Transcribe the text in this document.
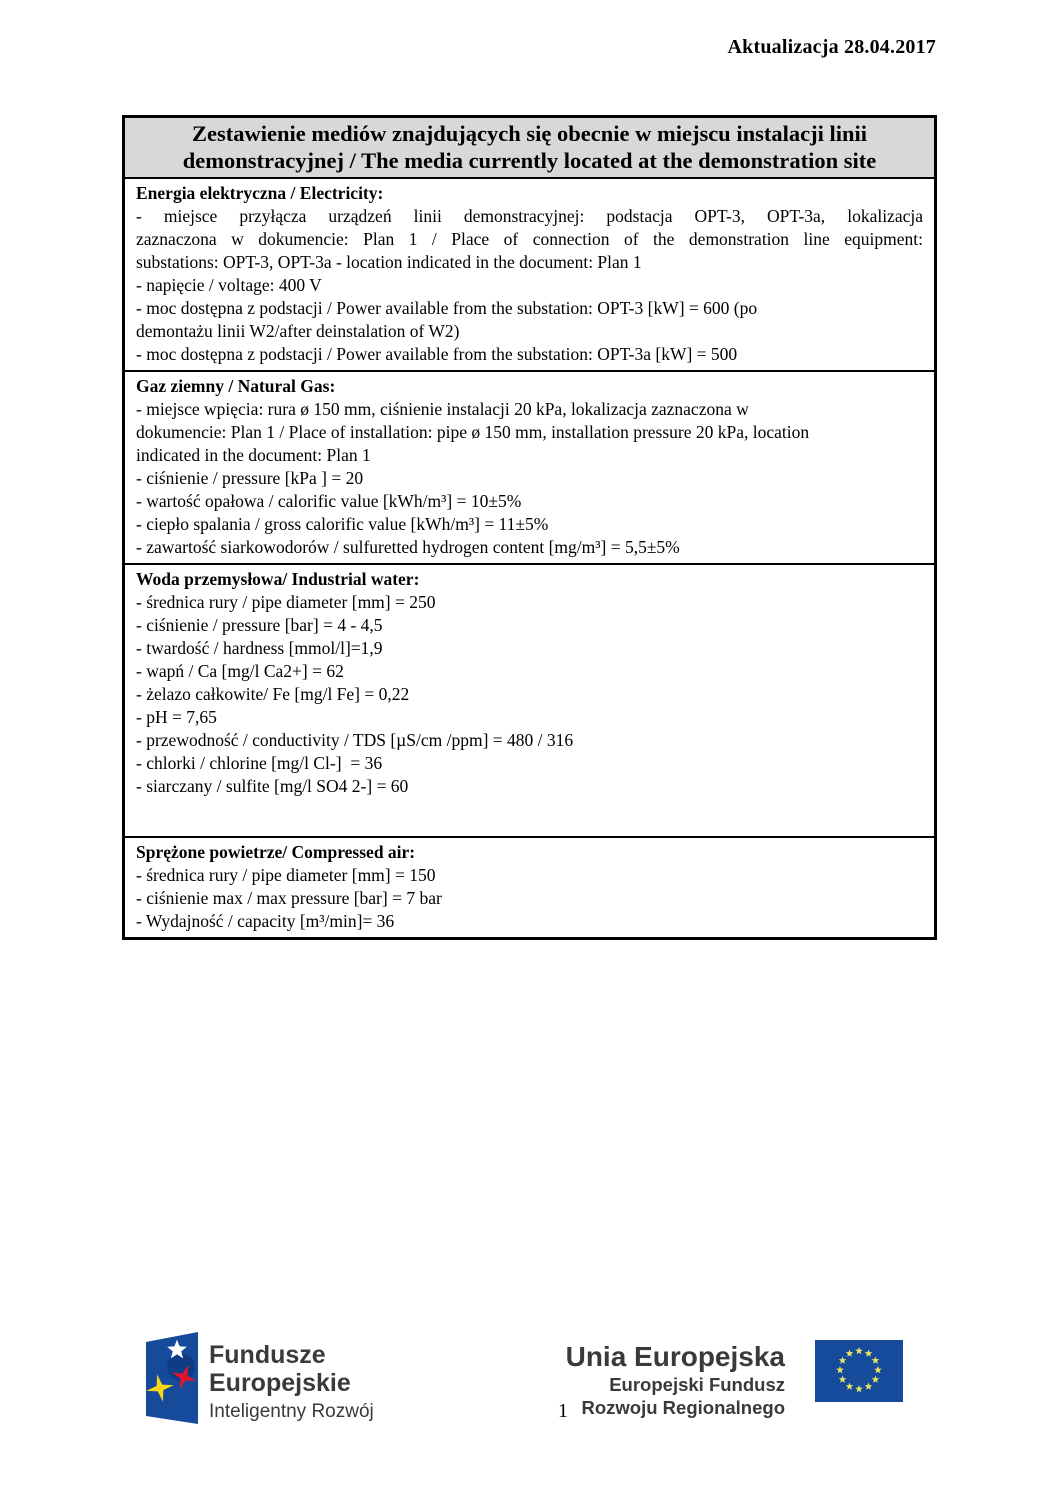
Aktualizacja 28.04.2017
Zestawienie mediów znajdujących się obecnie w miejscu instalacji linii
demonstracyjnej / The media currently located at the demonstration site
Energia elektryczna / Electricity:
- miejsce przyłącza urządzeń linii demonstracyjnej: podstacja OPT-3, OPT-3a, lokalizacja
zaznaczona w dokumencie: Plan 1 / Place of connection of the demonstration line equipment:
substations: OPT-3, OPT-3a - location indicated in the document: Plan 1
- napięcie / voltage: 400 V
- moc dostępna z podstacji / Power available from the substation: OPT-3 [kW] = 600 (po
demontażu linii W2/after deinstalation of W2)
- moc dostępna z podstacji / Power available from the substation: OPT-3a [kW] = 500
Gaz ziemny / Natural Gas:
- miejsce wpięcia: rura ø 150 mm, ciśnienie instalacji 20 kPa, lokalizacja zaznaczona w
dokumencie: Plan 1 / Place of installation: pipe ø 150 mm, installation pressure 20 kPa, location
indicated in the document: Plan 1
- ciśnienie / pressure [kPa ] = 20
- wartość opałowa / calorific value [kWh/m³] = 10±5%
- ciepło spalania / gross calorific value [kWh/m³] = 11±5%
- zawartość siarkowodorów / sulfuretted hydrogen content [mg/m³] = 5,5±5%
Woda przemysłowa/ Industrial water:
- średnica rury / pipe diameter [mm] = 250
- ciśnienie / pressure [bar] = 4 - 4,5
- twardość / hardness [mmol/l]=1,9
- wapń / Ca [mg/l Ca2+] = 62
- żelazo całkowite/ Fe [mg/l Fe] = 0,22
- pH = 7,65
- przewodność / conductivity / TDS [µS/cm /ppm] = 480 / 316
- chlorki / chlorine [mg/l Cl-]  = 36
- siarczany / sulfite [mg/l SO4 2-] = 60
Sprężone powietrze/ Compressed air:
- średnica rury / pipe diameter [mm] = 150
- ciśnienie max / max pressure [bar] = 7 bar
- Wydajność / capacity [m³/min]= 36
Fundusze
Europejskie
Inteligentny Rozwój
Unia Europejska
Europejski Fundusz
Rozwoju Regionalnego
1
